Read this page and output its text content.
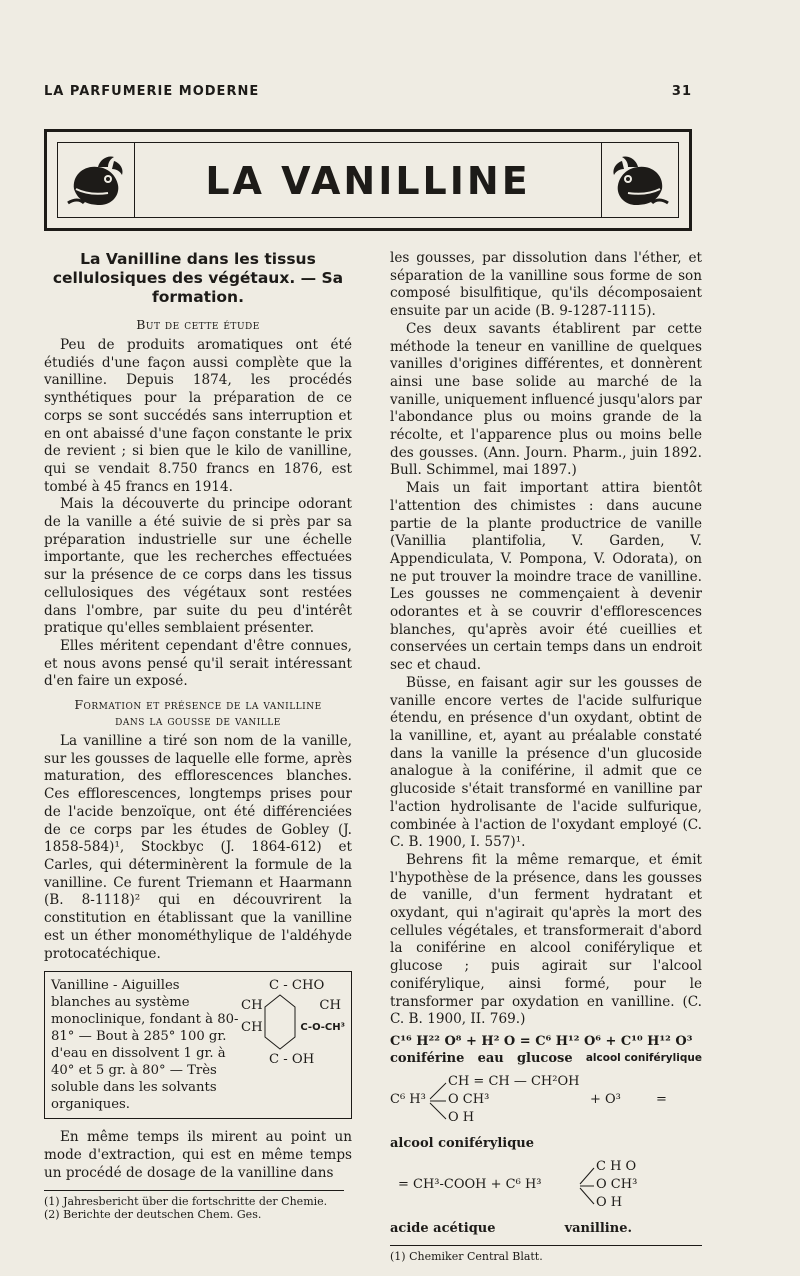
LA PARFUMERIE MODERNE	31
LA VANILLINE
La Vanilline dans les tissus cellulosiques des végétaux. — Sa formation.
But de cette étude

Peu de produits aromatiques ont été étudiés d'une façon aussi complète que la vanilline. Depuis 1874, les procédés synthétiques pour la préparation de ce corps se sont succédés sans interruption et en ont abaissé d'une façon constante le prix de revient ; si bien que le kilo de vanilline, qui se vendait 8.750 francs en 1876, est tombé à 45 francs en 1914.

Mais la découverte du principe odorant de la vanille a été suivie de si près par sa préparation industrielle sur une échelle importante, que les recherches effectuées sur la présence de ce corps dans les tissus cellulosiques des végétaux sont restées dans l'ombre, par suite du peu d'intérêt pratique qu'elles semblaient présenter.

Elles méritent cependant d'être connues, et nous avons pensé qu'il serait intéressant d'en faire un exposé.

Formation et présence de la vanilline
dans la gousse de vanille

La vanilline a tiré son nom de la vanille, sur les gousses de laquelle elle forme, après maturation, des efflorescences blanches. Ces efflorescences, longtemps prises pour de l'acide benzoïque, ont été différenciées de ce corps par les études de Gobley (J. 1858-584)¹, Stockbyc (J. 1864-612) et Carles, qui déterminèrent la formule de la vanilline. Ce furent Triemann et Haarmann (B. 8-1118)² qui en découvrirent la constitution en établissant que la vanilline est un éther monométhylique de l'aldéhyde protocatéchique.

Vanilline - Aiguilles blanches au système monoclinique, fondant à 80-81° — Bout à 285° 100 gr. d'eau en dissolvent 1 gr. à 40° et 5 gr. à 80° — Très soluble dans les solvants organiques.
C - CHO
CH	CH
CH	C-O-CH³
C - OH

En même temps ils mirent au point un mode d'extraction, qui est en même temps un procédé de dosage de la vanilline dans

(1) Jahresbericht über die fortschritte der Chemie.
(2) Berichte der deutschen Chem. Ges.

les gousses, par dissolution dans l'éther, et séparation de la vanilline sous forme de son composé bisulfitique, qu'ils décomposaient ensuite par un acide (B. 9-1287-1115).

Ces deux savants établirent par cette méthode la teneur en vanilline de quelques vanilles d'origines différentes, et donnèrent ainsi une base solide au marché de la vanille, uniquement influencé jusqu'alors par l'abondance plus ou moins grande de la récolte, et l'apparence plus ou moins belle des gousses. (Ann. Journ. Pharm., juin 1892. Bull. Schimmel, mai 1897.)

Mais un fait important attira bientôt l'attention des chimistes : dans aucune partie de la plante productrice de vanille (Vanillia plantifolia, V. Garden, V. Appendiculata, V. Pompona, V. Odorata), on ne put trouver la moindre trace de vanilline. Les gousses ne commençaient à devenir odorantes et à se couvrir d'efflorescences blanches, qu'après avoir été cueillies et conservées un certain temps dans un endroit sec et chaud.

Büsse, en faisant agir sur les gousses de vanille encore vertes de l'acide sulfurique étendu, en présence d'un oxydant, obtint de la vanilline, et, ayant au préalable constaté dans la vanille la présence d'un glucoside analogue à la coniférine, il admit que ce glucoside s'était transformé en vanilline par l'action hydrolisante de l'acide sulfurique, combinée à l'action de l'oxydant employé (C. C. B. 1900, I. 557)¹.

Behrens fit la même remarque, et émit l'hypothèse de la présence, dans les gousses de vanille, d'un ferment hydratant et oxydant, qui n'agirait qu'après la mort des cellules végétales, et transformerait d'abord la coniférine en alcool coniférylique et glucose ; puis agirait sur l'alcool coniférylique, ainsi formé, pour le transformer par oxydation en vanilline. (C. C. B. 1900, II. 769.)

C¹⁶ H²² O⁸ + H² O = C⁶ H¹² O⁶ + C¹⁰ H¹² O³
coniférine eau glucose alcool coniférylique
CH = CH — CH²OH
C⁶ H³ O CH³
O H
+ O³	=
alcool coniférylique
= CH³-COOH + C⁶ H³
C H O
O CH³
O H
acide acétique	vanilline.
(1) Chemiker Central Blatt.
